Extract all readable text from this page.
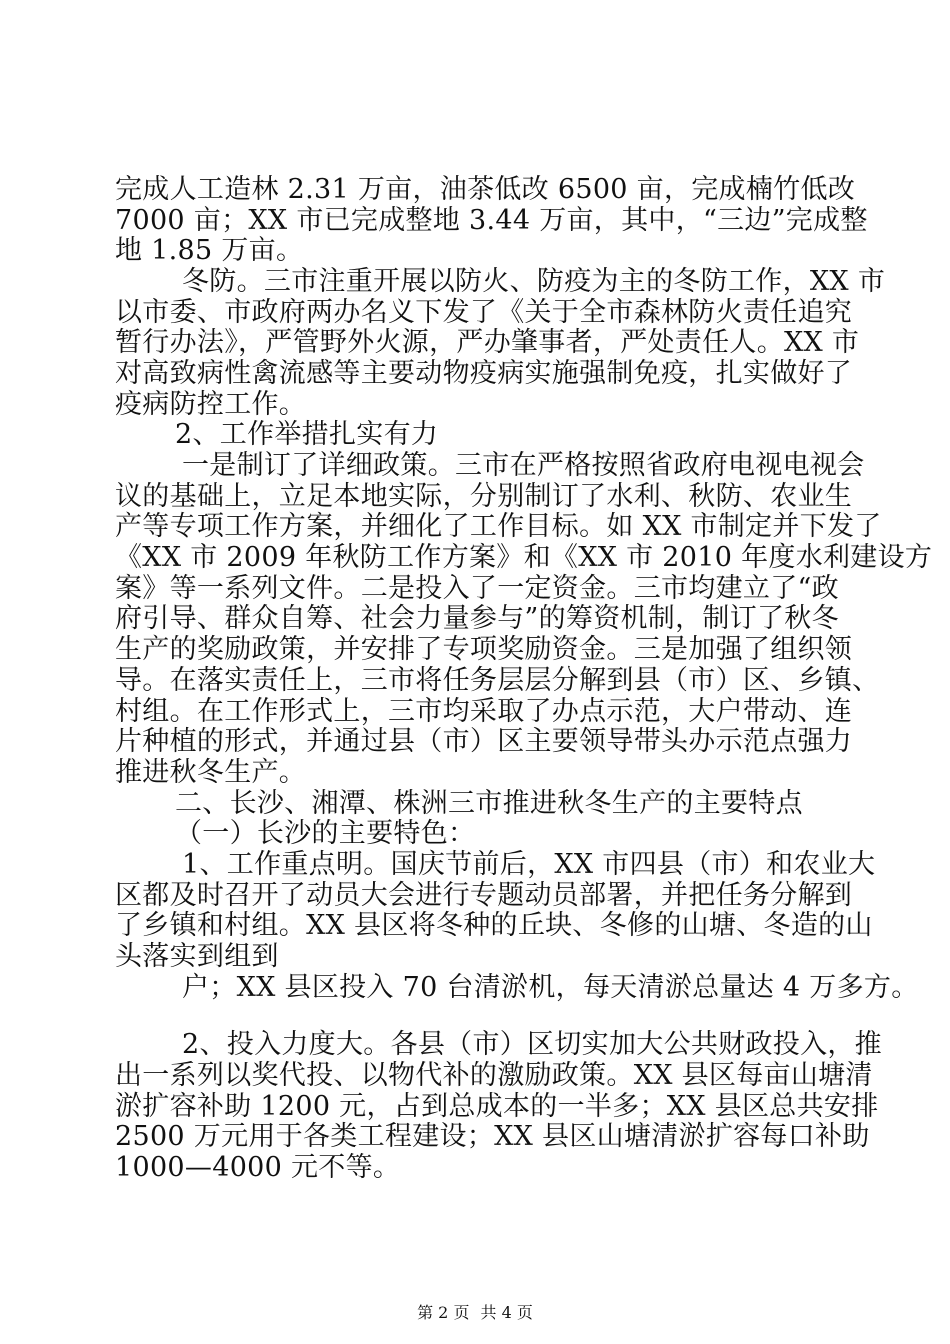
完成人工造林 2.31 万亩，油茶低改 6500 亩，完成楠竹低改
7000 亩；XX 市已完成整地 3.44 万亩，其中，“三边”完成整
地 1.85 万亩。
冬防。三市注重开展以防火、防疫为主的冬防工作，XX 市
以市委、市政府两办名义下发了《关于全市森林防火责任追究
暂行办法》，严管野外火源，严办肇事者，严处责任人。XX 市
对高致病性禽流感等主要动物疫病实施强制免疫，扎实做好了
疫病防控工作。
2、工作举措扎实有力
一是制订了详细政策。三市在严格按照省政府电视电视会
议的基础上，立足本地实际，分别制订了水利、秋防、农业生
产等专项工作方案，并细化了工作目标。如 XX 市制定并下发了
《XX 市 2009 年秋防工作方案》和《XX 市 2010 年度水利建设方
案》等一系列文件。二是投入了一定资金。三市均建立了“政
府引导、群众自筹、社会力量参与”的筹资机制，制订了秋冬
生产的奖励政策，并安排了专项奖励资金。三是加强了组织领
导。在落实责任上，三市将任务层层分解到县（市）区、乡镇、
村组。在工作形式上，三市均采取了办点示范，大户带动、连
片种植的形式，并通过县（市）区主要领导带头办示范点强力
推进秋冬生产。
二、长沙、湘潭、株洲三市推进秋冬生产的主要特点
（一）长沙的主要特色：
1、工作重点明。国庆节前后，XX 市四县（市）和农业大
区都及时召开了动员大会进行专题动员部署，并把任务分解到
了乡镇和村组。XX 县区将冬种的丘块、冬修的山塘、冬造的山
头落实到组到
户；XX 县区投入 70 台清淤机，每天清淤总量达 4 万多方。
2、投入力度大。各县（市）区切实加大公共财政投入，推
出一系列以奖代投、以物代补的激励政策。XX 县区每亩山塘清
淤扩容补助 1200 元，占到总成本的一半多；XX 县区总共安排
2500 万元用于各类工程建设；XX 县区山塘清淤扩容每口补助
1000—4000 元不等。
第 2 页 共 4 页
